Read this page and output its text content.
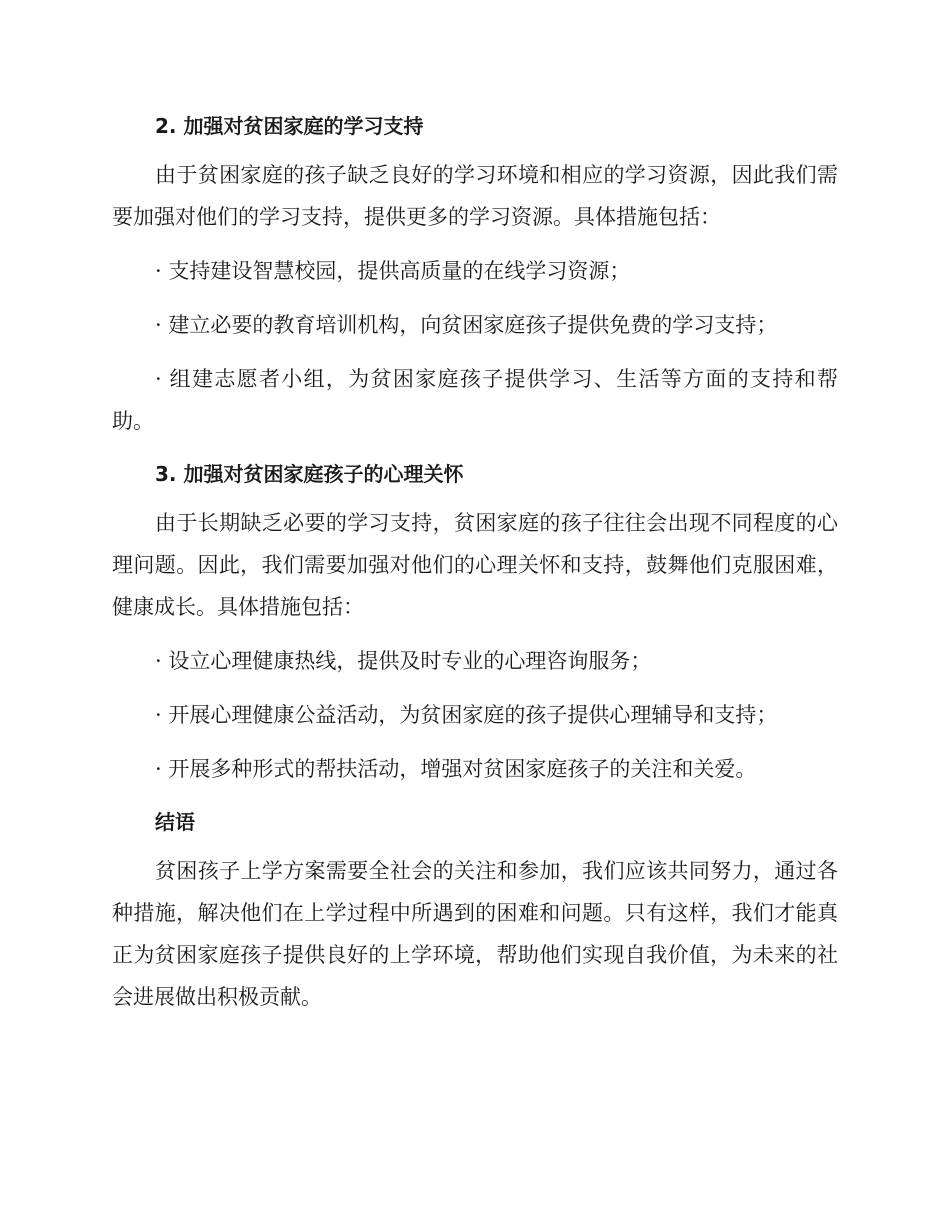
2. 加强对贫困家庭的学习支持

由于贫困家庭的孩子缺乏良好的学习环境和相应的学习资源，因此我们需要加强对他们的学习支持，提供更多的学习资源。具体措施包括：

· 支持建设智慧校园，提供高质量的在线学习资源；

· 建立必要的教育培训机构，向贫困家庭孩子提供免费的学习支持；

· 组建志愿者小组，为贫困家庭孩子提供学习、生活等方面的支持和帮助。

3. 加强对贫困家庭孩子的心理关怀

由于长期缺乏必要的学习支持，贫困家庭的孩子往往会出现不同程度的心理问题。因此，我们需要加强对他们的心理关怀和支持，鼓舞他们克服困难，健康成长。具体措施包括：

· 设立心理健康热线，提供及时专业的心理咨询服务；

· 开展心理健康公益活动，为贫困家庭的孩子提供心理辅导和支持；

· 开展多种形式的帮扶活动，增强对贫困家庭孩子的关注和关爱。

结语

贫困孩子上学方案需要全社会的关注和参加，我们应该共同努力，通过各种措施，解决他们在上学过程中所遇到的困难和问题。只有这样，我们才能真正为贫困家庭孩子提供良好的上学环境，帮助他们实现自我价值，为未来的社会进展做出积极贡献。
